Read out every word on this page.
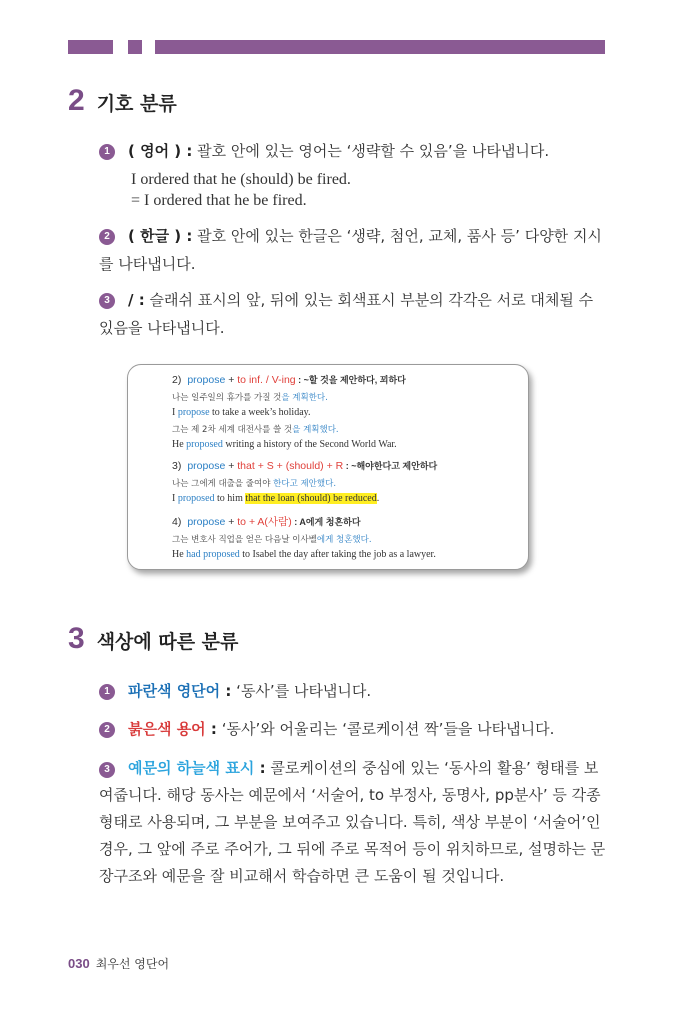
2 기호 분류
1	( 영어 ) : 괄호 안에 있는 영어는 ‘생략할 수 있음’을 나타냅니다.
I ordered that he (should) be fired.
= I ordered that he be fired.
2	( 한글 ) : 괄호 안에 있는 한글은 ‘생략, 첨언, 교체, 품사 등’ 다양한 지시를 나타냅니다.
3	/ : 슬래쉬 표시의 앞, 뒤에 있는 회색표시 부분의 각각은 서로 대체될 수 있음을 나타냅니다.
2) propose + to inf. / V-ing : ~할 것을 제안하다, 꾀하다
나는 일주일의 휴가를 가질 것을 계획한다.
I propose to take a week’s holiday.
그는 제 2차 세계 대전사를 쓸 것을 계획했다.
He proposed writing a history of the Second World War.
3) propose + that + S + (should) + R : ~해야한다고 제안하다
나는 그에게 대출을 줄여야 한다고 제안했다.
I proposed to him that the loan (should) be reduced.
4) propose + to + A(사람) : A에게 청혼하다
그는 변호사 직업을 얻은 다음날 이사벨에게 청혼했다.
He had proposed to Isabel the day after taking the job as a lawyer.
3 색상에 따른 분류
1	파란색 영단어 : ‘동사’를 나타냅니다.
2	붉은색 용어 : ‘동사’와 어울리는 ‘콜로케이션 짝’들을 나타냅니다.
3	예문의 하늘색 표시 : 콜로케이션의 중심에 있는 ‘동사의 활용’ 형태를 보여줍니다. 해당 동사는 예문에서 ‘서술어, to 부정사, 동명사, pp분사’ 등 각종 형태로 사용되며, 그 부분을 보여주고 있습니다. 특히, 색상 부분이 ‘서술어’인 경우, 그 앞에 주로 주어가, 그 뒤에 주로 목적어 등이 위치하므로, 설명하는 문장구조와 예문을 잘 비교해서 학습하면 큰 도움이 될 것입니다.
030 최우선 영단어
